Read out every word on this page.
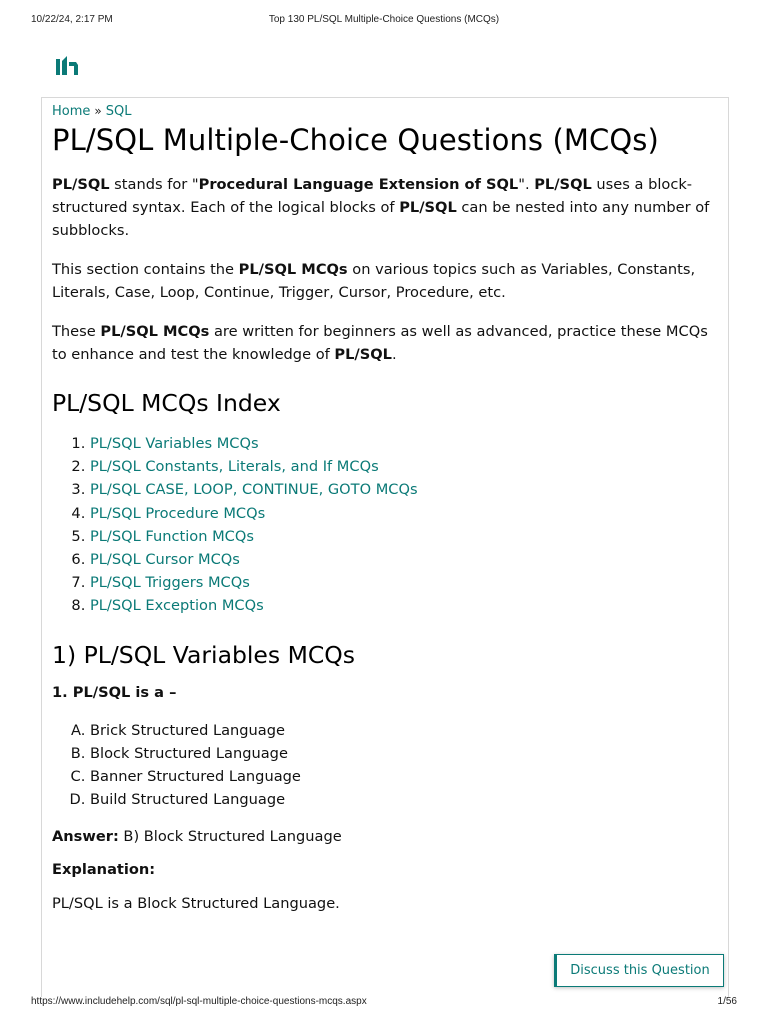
10/22/24, 2:17 PM	Top 130 PL/SQL Multiple-Choice Questions (MCQs)
Home » SQL
PL/SQL Multiple-Choice Questions (MCQs)

PL/SQL stands for "Procedural Language Extension of SQL". PL/SQL uses a block-structured syntax. Each of the logical blocks of PL/SQL can be nested into any number of subblocks.

This section contains the PL/SQL MCQs on various topics such as Variables, Constants, Literals, Case, Loop, Continue, Trigger, Cursor, Procedure, etc.

These PL/SQL MCQs are written for beginners as well as advanced, practice these MCQs to enhance and test the knowledge of PL/SQL.

PL/SQL MCQs Index
1. PL/SQL Variables MCQs
2. PL/SQL Constants, Literals, and If MCQs
3. PL/SQL CASE, LOOP, CONTINUE, GOTO MCQs
4. PL/SQL Procedure MCQs
5. PL/SQL Function MCQs
6. PL/SQL Cursor MCQs
7. PL/SQL Triggers MCQs
8. PL/SQL Exception MCQs
1) PL/SQL Variables MCQs
1. PL/SQL is a –
A. Brick Structured Language
B. Block Structured Language
C. Banner Structured Language
D. Build Structured Language
Answer: B) Block Structured Language
Explanation:
PL/SQL is a Block Structured Language.
Discuss this Question
https://www.includehelp.com/sql/pl-sql-multiple-choice-questions-mcqs.aspx	1/56
